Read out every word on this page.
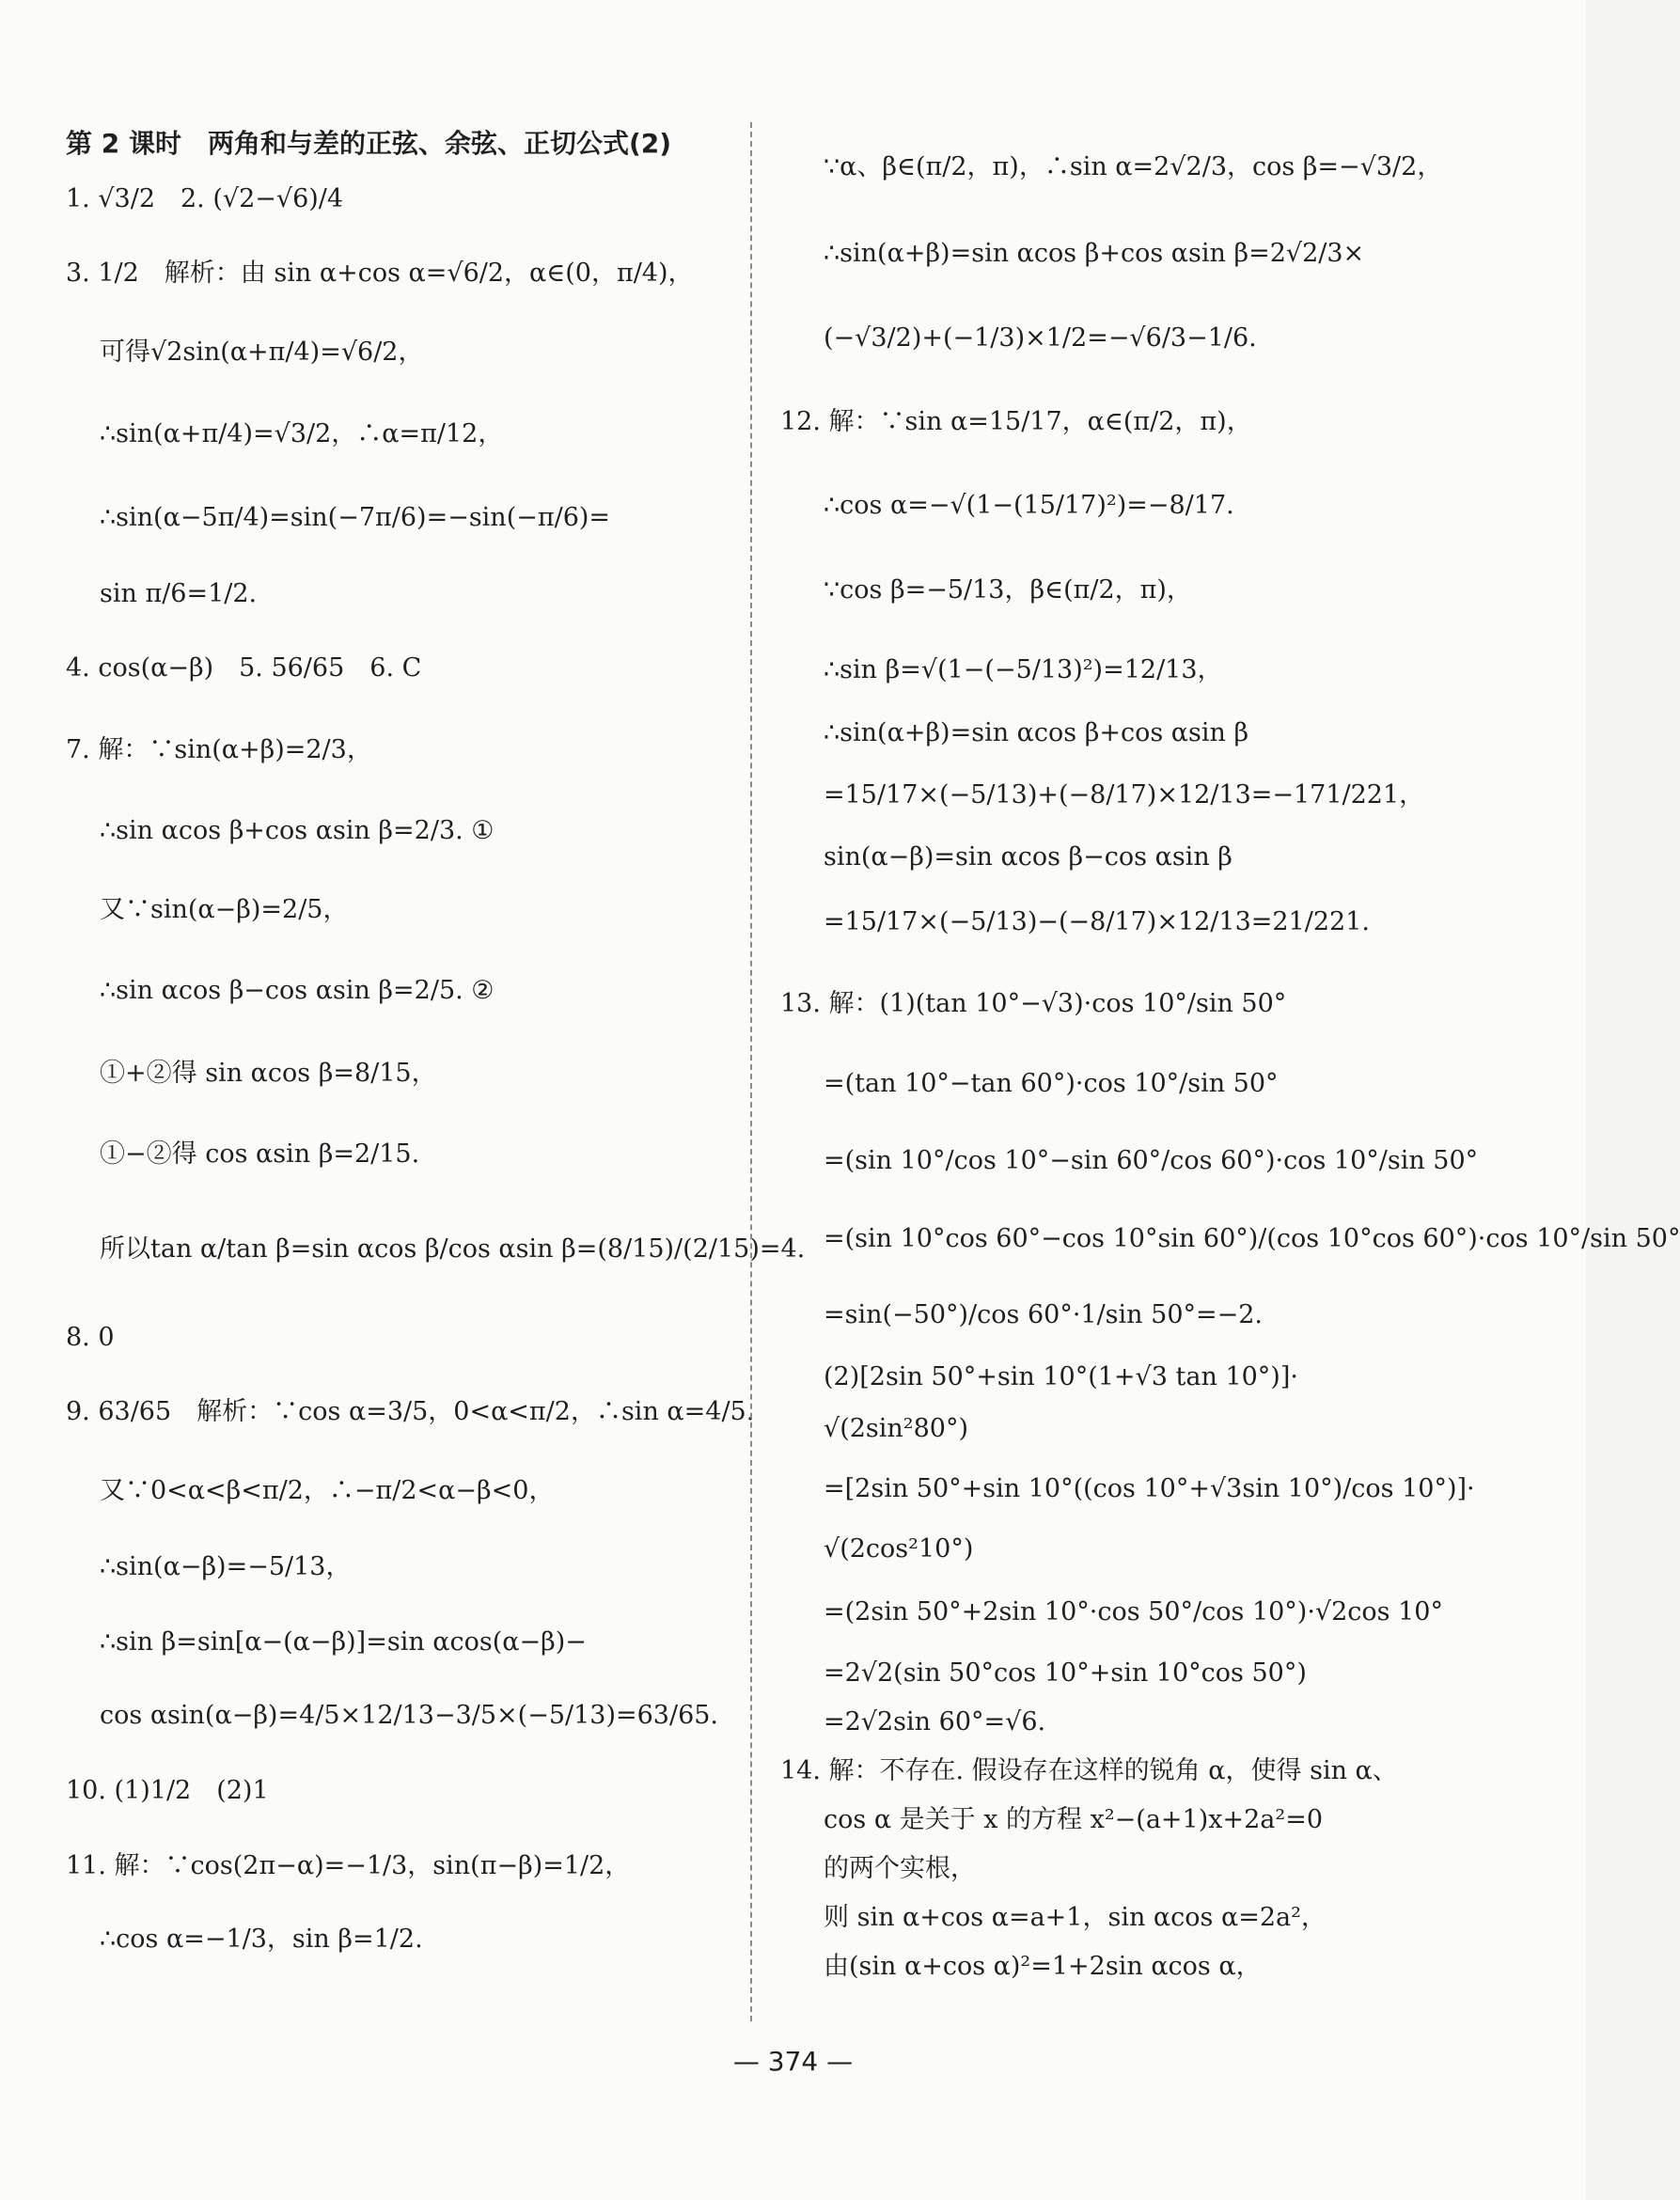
第 2 课时　两角和与差的正弦、余弦、正切公式(2)
1. √3/2　2. (√2−√6)/4
3. 1/2　解析：由 sin α+cos α=√6/2，α∈(0，π/4)，
可得√2sin(α+π/4)=√6/2，
∴sin(α+π/4)=√3/2，∴α=π/12，
∴sin(α−5π/4)=sin(−7π/6)=−sin(−π/6)=
sin π/6=1/2.
4. cos(α−β)　5. 56/65　6. C
7. 解：∵sin(α+β)=2/3，
∴sin αcos β+cos αsin β=2/3. ①
又∵sin(α−β)=2/5，
∴sin αcos β−cos αsin β=2/5. ②
①+②得 sin αcos β=8/15，
①−②得 cos αsin β=2/15.
所以tan α/tan β=sin αcos β/cos αsin β=(8/15)/(2/15)=4.
8. 0
9. 63/65　解析：∵cos α=3/5，0<α<π/2，∴sin α=4/5.
又∵0<α<β<π/2，∴−π/2<α−β<0，
∴sin(α−β)=−5/13，
∴sin β=sin[α−(α−β)]=sin αcos(α−β)−
cos αsin(α−β)=4/5×12/13−3/5×(−5/13)=63/65.
10. (1)1/2　(2)1
11. 解：∵cos(2π−α)=−1/3，sin(π−β)=1/2，
∴cos α=−1/3，sin β=1/2.
∵α、β∈(π/2，π)，∴sin α=2√2/3，cos β=−√3/2，
∴sin(α+β)=sin αcos β+cos αsin β=2√2/3×
(−√3/2)+(−1/3)×1/2=−√6/3−1/6.
12. 解：∵sin α=15/17，α∈(π/2，π)，
∴cos α=−√(1−(15/17)²)=−8/17.
∵cos β=−5/13，β∈(π/2，π)，
∴sin β=√(1−(−5/13)²)=12/13，
∴sin(α+β)=sin αcos β+cos αsin β
=15/17×(−5/13)+(−8/17)×12/13=−171/221，
sin(α−β)=sin αcos β−cos αsin β
=15/17×(−5/13)−(−8/17)×12/13=21/221.
13. 解：(1)(tan 10°−√3)·cos 10°/sin 50°
=(tan 10°−tan 60°)·cos 10°/sin 50°
=(sin 10°/cos 10°−sin 60°/cos 60°)·cos 10°/sin 50°
=(sin 10°cos 60°−cos 10°sin 60°)/(cos 10°cos 60°)·cos 10°/sin 50°
=sin(−50°)/cos 60°·1/sin 50°=−2.
(2)[2sin 50°+sin 10°(1+√3 tan 10°)]·
√(2sin²80°)
=[2sin 50°+sin 10°((cos 10°+√3sin 10°)/cos 10°)]·
√(2cos²10°)
=(2sin 50°+2sin 10°·cos 50°/cos 10°)·√2cos 10°
=2√2(sin 50°cos 10°+sin 10°cos 50°)
=2√2sin 60°=√6.
14. 解：不存在. 假设存在这样的锐角 α，使得 sin α、
cos α 是关于 x 的方程 x²−(a+1)x+2a²=0
的两个实根，
则 sin α+cos α=a+1，sin αcos α=2a²，
由(sin α+cos α)²=1+2sin αcos α，
— 374 —
